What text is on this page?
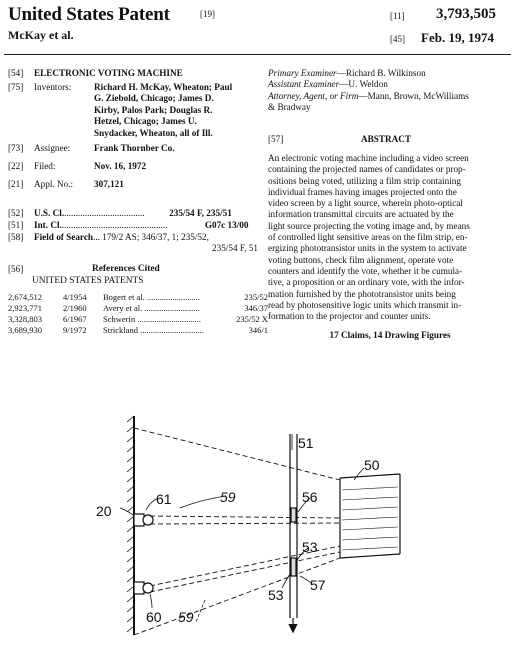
United States Patent	[19]
McKay et al.
[11] 3,793,505
[45] Feb. 19, 1974
[54]	ELECTRONIC VOTING MACHINE
[75]	Inventors:	Richard H. McKay, Wheaton; Paul
G. Ziebold, Chicago; James D.
Kirby, Palos Park; Douglas R.
Hetzel, Chicago; James U.
Snydacker, Wheaton, all of Ill.
[73]	Assignee:	Frank Thornber Co.
[22]	Filed:	Nov. 16, 1972
[21]	Appl. No.:	307,121
[52]	U.S. Cl. ...................................	235/54 F, 235/51
[51]	Int. Cl. ..............................................	G07c 13/00
[58]	Field of Search... 179/2 AS; 346/37, 1; 235/52,
235/54 F, 51
[56]	References Cited
UNITED STATES PATENTS
2,674,512	4/1954	Bogert et al. .........................	235/52
2,923,771	2/1960	Avery et al. ..........................	346/37
3,328,803	6/1967	Schwerin ..............................	235/52 X
3,689,930	9/1972	Strickland ..............................	346/1
Primary Examiner—Richard B. Wilkinson
Assistant Examiner—U. Weldon
Attorney, Agent, or Firm—Mann, Brown, McWilliams
& Bradway
[57]	ABSTRACT
An electronic voting machine including a video screen
containing the projected names of candidates or prop-
ositions being voted, utilizing a film strip containing
individual frames having images projected onto the
video screen by a light source, wherein photo-optical
information transmittal circuits are actuated by the
light source projecting the voting image and, by means
of controlled light sensitive areas on the film strip, en-
ergizing phototransistor units in the system to activate
voting buttons, check film alignment, operate vote
counters and identify the vote, whether it be cumula-
tive, a proposition or an ordinary vote, with the infor-
mation furnished by the phototransistor units being
read by photosensitive logic units which transmit in-
formation to the projector and counter units.
17 Claims, 14 Drawing Figures
20
61	59
51
50
56
53
53
57
60 59
